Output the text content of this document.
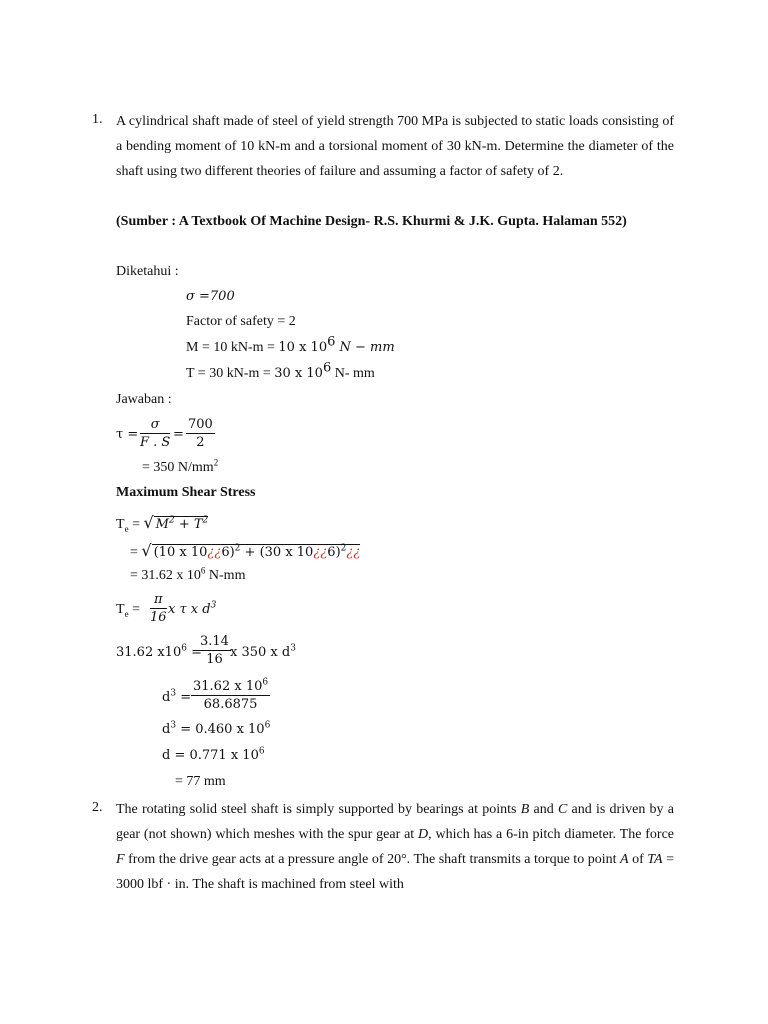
1. A cylindrical shaft made of steel of yield strength 700 MPa is subjected to static loads consisting of a bending moment of 10 kN-m and a torsional moment of 30 kN-m. Determine the diameter of the shaft using two different theories of failure and assuming a factor of safety of 2.
(Sumber : A Textbook Of Machine Design- R.S. Khurmi & J.K. Gupta. Halaman 552)
Diketahui :
σ =700
Factor of safety = 2
M = 10 kN-m = 10 x $10^6$ N − mm
T = 30 kN-m = 30 x $10^6$ N- mm
Jawaban :
$\tau = \frac{\sigma}{F . S} = \frac{700}{2}$
= 350 $N/mm^2$
Maximum Shear Stress
$T_e$ = √ $M^2 + T^2$
= √ (10 x 10¿¿6)$^2$ + (30 x 10¿¿6)$^2$¿¿
= 31.62 x $10^6$ N-mm
$T_e = \frac{\pi}{16}$ x τ x $d^3$
31.62 $x10^6$ =
$\frac{3.14}{16}$ x 350 x $d^3$
$d^3 = \frac{31.62 x 10^6}{68.6875}$
$d^3 = 0.460$ x $10^6$
d = 0.771 x $10^6$
= 77 mm
2. The rotating solid steel shaft is simply supported by bearings at points B and C and is driven by a gear (not shown) which meshes with the spur gear at D, which has a 6-in pitch diameter. The force F from the drive gear acts at a pressure angle of 20°. The shaft transmits a torque to point A of TA = 3000 lbf · in. The shaft is machined from steel with
